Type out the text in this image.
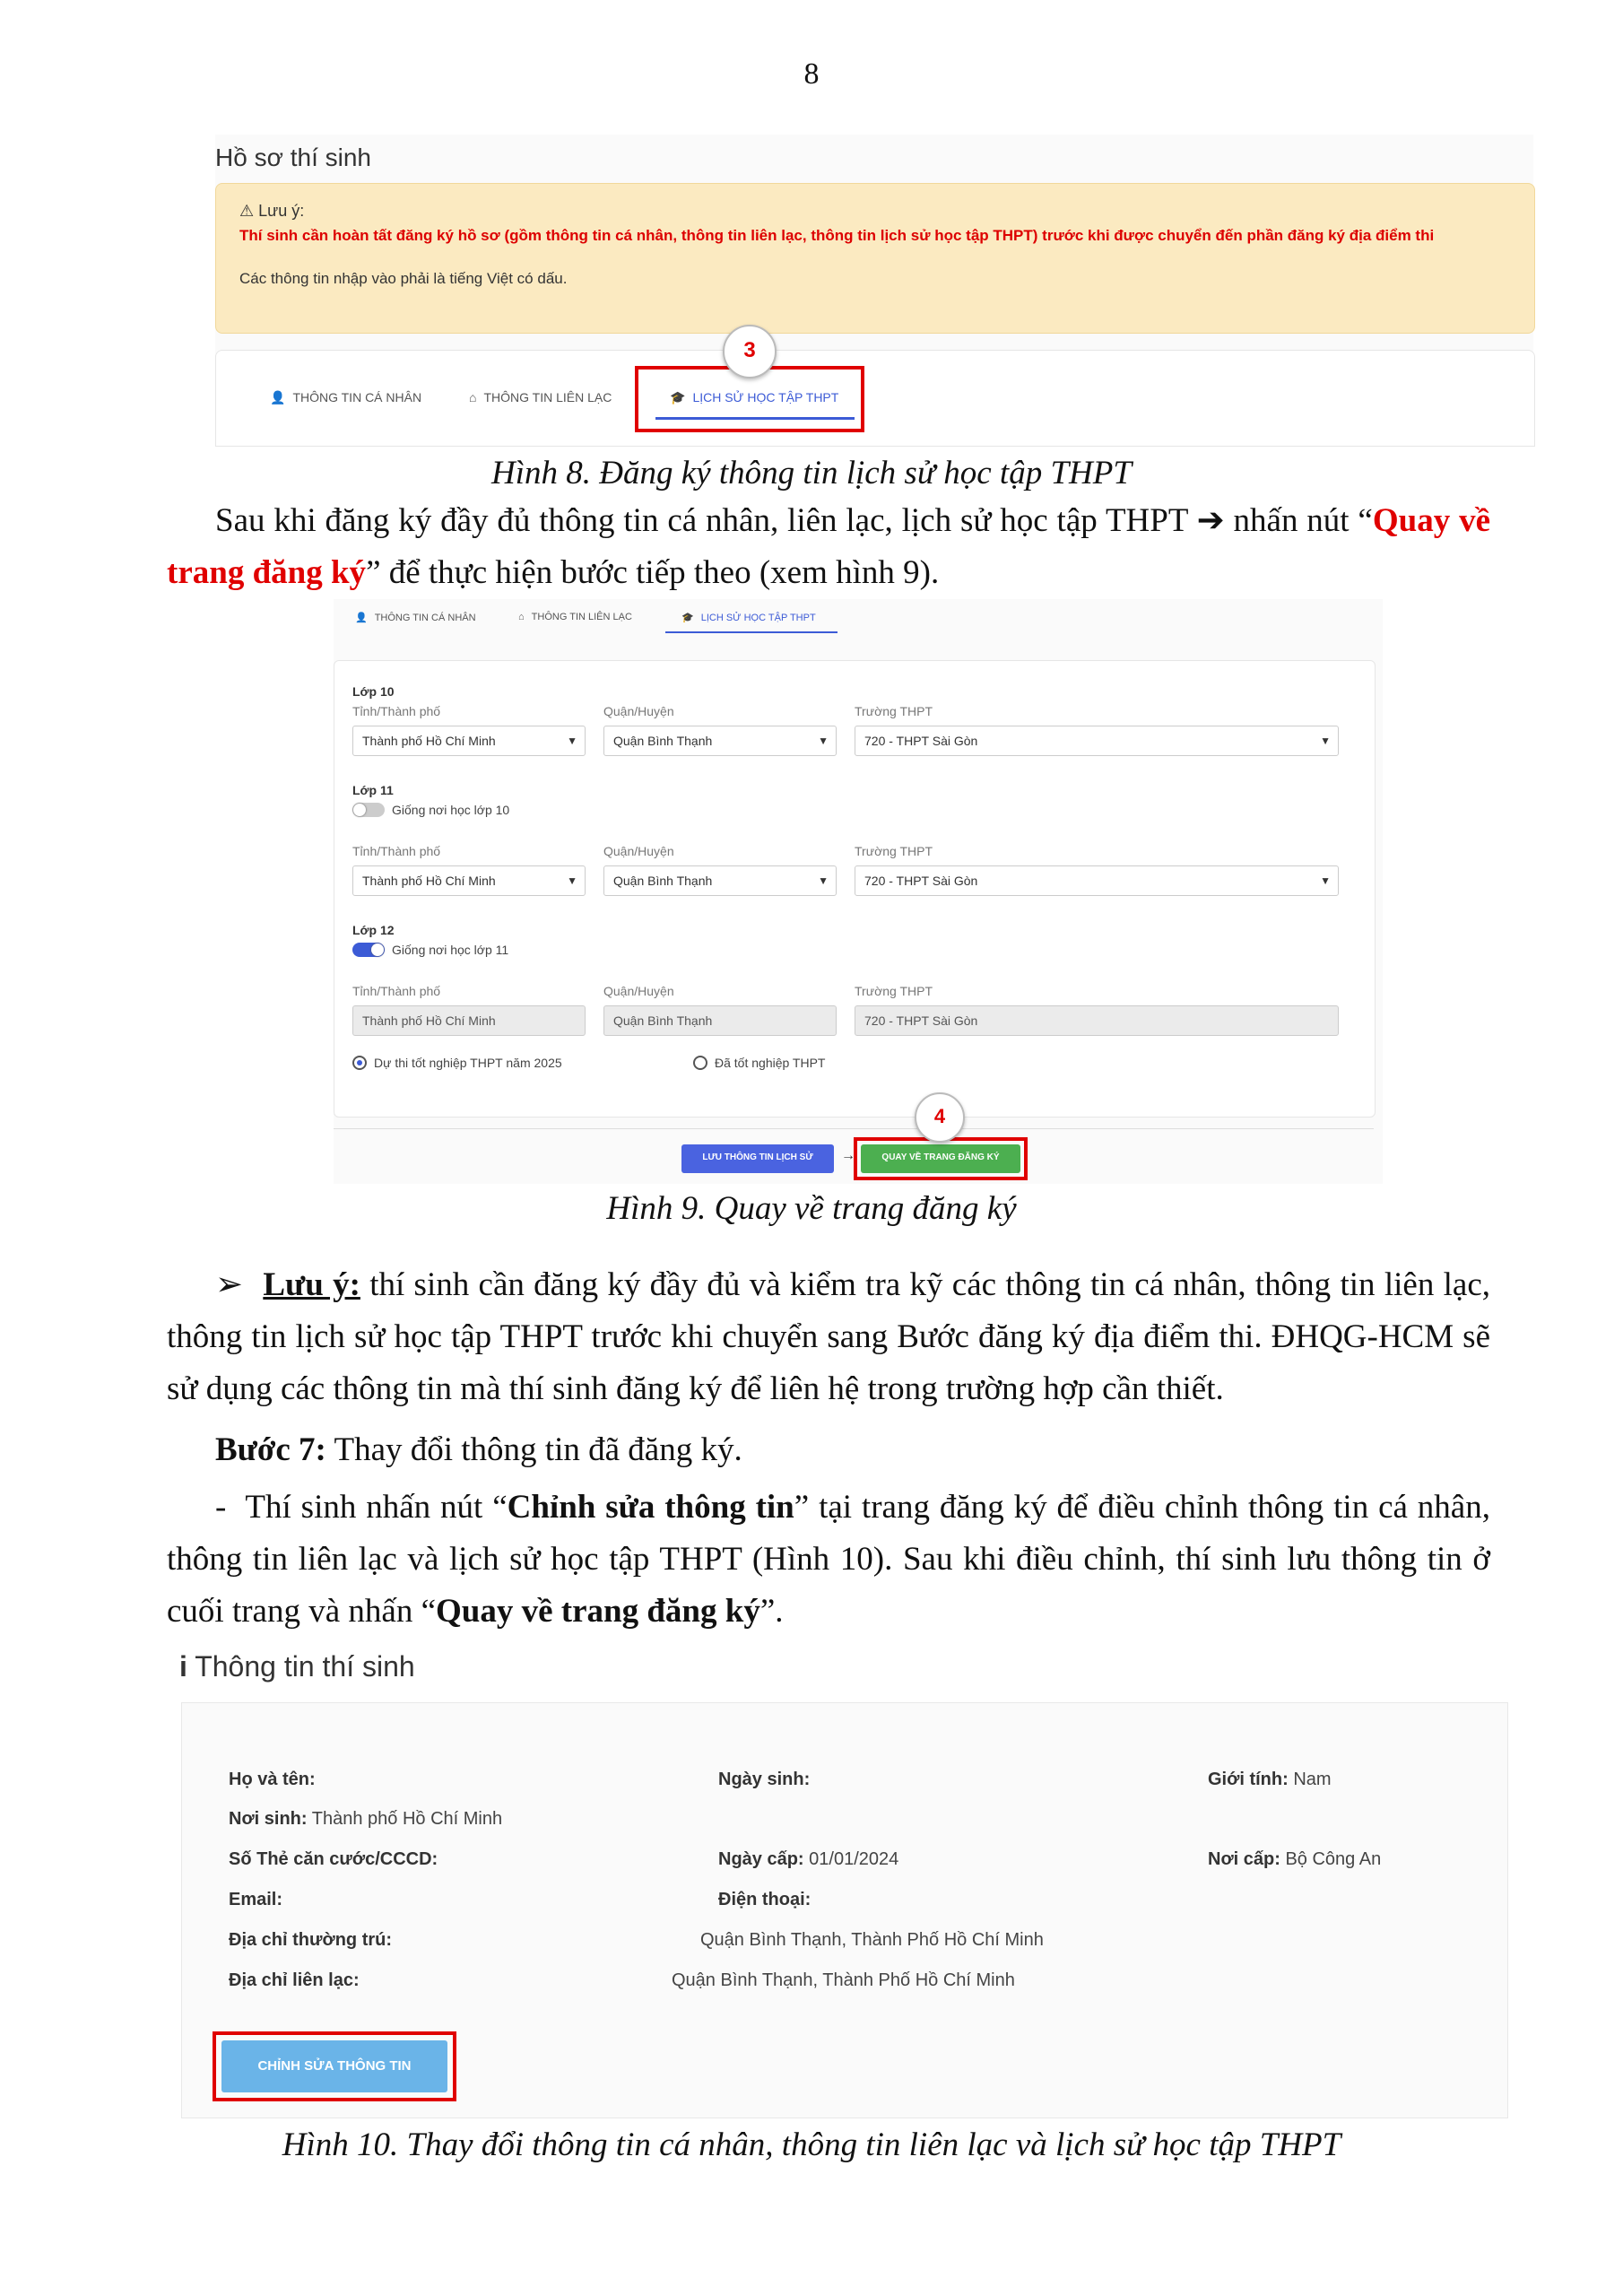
8
Hồ sơ thí sinh
⚠ Lưu ý:
Thí sinh cần hoàn tất đăng ký hồ sơ (gồm thông tin cá nhân, thông tin liên lạc, thông tin lịch sử học tập THPT) trước khi được chuyển đến phần đăng ký địa điểm thi
Các thông tin nhập vào phải là tiếng Việt có dấu.
👤 THÔNG TIN CÁ NHÂN	⌂ THÔNG TIN LIÊN LẠC	🎓 LỊCH SỬ HỌC TẬP THPT
3
Hình 8. Đăng ký thông tin lịch sử học tập THPT
Sau khi đăng ký đầy đủ thông tin cá nhân, liên lạc, lịch sử học tập THPT ➔ nhấn nút “Quay về trang đăng ký” để thực hiện bước tiếp theo (xem hình 9).
👤 THÔNG TIN CÁ NHÂN	⌂ THÔNG TIN LIÊN LẠC	🎓 LỊCH SỬ HỌC TẬP THPT
Lớp 10
Tỉnh/Thành phố	Quận/Huyện	Trường THPT
Thành phố Hồ Chí Minh	▼	Quận Bình Thạnh	▼	720 - THPT Sài Gòn	▼
Lớp 11
Giống nơi học lớp 10
Tỉnh/Thành phố	Quận/Huyện	Trường THPT
Thành phố Hồ Chí Minh	▼	Quận Bình Thạnh	▼	720 - THPT Sài Gòn	▼
Lớp 12
Giống nơi học lớp 11
Tỉnh/Thành phố	Quận/Huyện	Trường THPT
Thành phố Hồ Chí Minh	Quận Bình Thạnh	720 - THPT Sài Gòn
Dự thi tốt nghiệp THPT năm 2025	Đã tốt nghiệp THPT
LƯU THÔNG TIN LỊCH SỬ	→	QUAY VỀ TRANG ĐĂNG KÝ
4
Hình 9. Quay về trang đăng ký
➢ Lưu ý: thí sinh cần đăng ký đầy đủ và kiểm tra kỹ các thông tin cá nhân, thông tin liên lạc, thông tin lịch sử học tập THPT trước khi chuyển sang Bước đăng ký địa điểm thi. ĐHQG-HCM sẽ sử dụng các thông tin mà thí sinh đăng ký để liên hệ trong trường hợp cần thiết.
Bước 7: Thay đổi thông tin đã đăng ký.
- Thí sinh nhấn nút “Chỉnh sửa thông tin” tại trang đăng ký để điều chỉnh thông tin cá nhân, thông tin liên lạc và lịch sử học tập THPT (Hình 10). Sau khi điều chỉnh, thí sinh lưu thông tin ở cuối trang và nhấn “Quay về trang đăng ký”.
i Thông tin thí sinh
Họ và tên:	Ngày sinh:	Giới tính: Nam
Nơi sinh: Thành phố Hồ Chí Minh
Số Thẻ căn cước/CCCD:	Ngày cấp: 01/01/2024	Nơi cấp: Bộ Công An
Email:	Điện thoại:
Địa chỉ thường trú:	Quận Bình Thạnh, Thành Phố Hồ Chí Minh
Địa chỉ liên lạc:	Quận Bình Thạnh, Thành Phố Hồ Chí Minh
CHỈNH SỬA THÔNG TIN
Hình 10. Thay đổi thông tin cá nhân, thông tin liên lạc và lịch sử học tập THPT
